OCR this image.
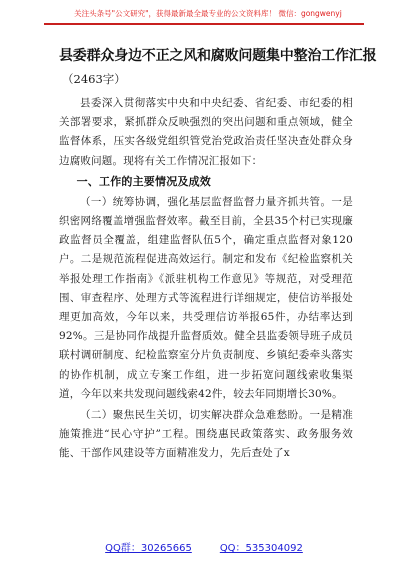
关注头条号"公文研究"，获得最新最全最专业的公文资料库！ 微信：gongwenyj
县委群众身边不正之风和腐败问题集中整治工作汇报
（2463字）

县委深入贯彻落实中央和中央纪委、省纪委、市纪委的相关部署要求，紧抓群众反映强烈的突出问题和重点领域，健全监督体系，压实各级党组织管党治党政治责任坚决查处群众身边腐败问题。现将有关工作情况汇报如下：

一、工作的主要情况及成效

（一）统筹协调，强化基层监督监督力量齐抓共管。一是织密网络覆盖增强监督效率。截至目前，全县35个村已实现廉政监督员全覆盖，组建监督队伍5个，确定重点监督对象120户。二是规范流程促进高效运行。制定和发布《纪检监察机关举报处理工作指南》《派驻机构工作意见》等规范，对受理范围、审查程序、处理方式等流程进行详细规定，使信访举报处理更加高效，今年以来，共受理信访举报65件，办结率达到92%。三是协同作战提升监督质效。健全县监委领导班子成员联村调研制度、纪检监察室分片负责制度、乡镇纪委牵头落实的协作机制，成立专案工作组，进一步拓宽问题线索收集渠道，今年以来共发现问题线索42件，较去年同期增长30%。

（二）聚焦民生关切，切实解决群众急难愁盼。一是精准施策推进“民心守护”工程。围绕惠民政策落实、政务服务效能、干部作风建设等方面精准发力，先后查处了x

QQ群：30265665	QQ：535304092
